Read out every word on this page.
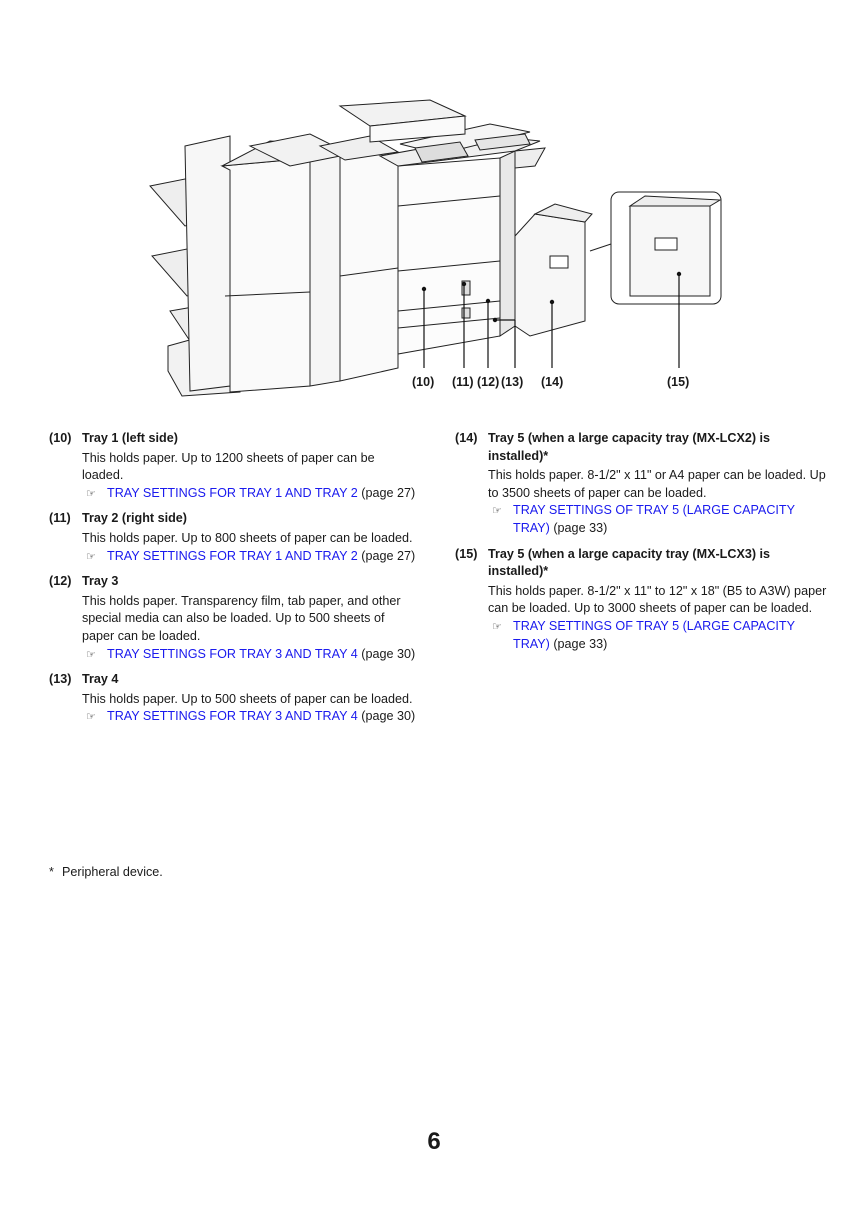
(10) (11) (12) (13) (14)	(15)
(10) Tray 1 (left side)
This holds paper. Up to 1200 sheets of paper can be loaded.
☞ TRAY SETTINGS FOR TRAY 1 AND TRAY 2 (page 27)
(11) Tray 2 (right side)
This holds paper. Up to 800 sheets of paper can be loaded.
☞ TRAY SETTINGS FOR TRAY 1 AND TRAY 2 (page 27)
(12) Tray 3
This holds paper. Transparency film, tab paper, and other special media can also be loaded. Up to 500 sheets of paper can be loaded.
☞ TRAY SETTINGS FOR TRAY 3 AND TRAY 4 (page 30)
(13) Tray 4
This holds paper. Up to 500 sheets of paper can be loaded.
☞ TRAY SETTINGS FOR TRAY 3 AND TRAY 4 (page 30)
(14) Tray 5 (when a large capacity tray (MX-LCX2) is installed)*
This holds paper. 8-1/2" x 11" or A4 paper can be loaded. Up to 3500 sheets of paper can be loaded.
☞ TRAY SETTINGS OF TRAY 5 (LARGE CAPACITY TRAY) (page 33)
(15) Tray 5 (when a large capacity tray (MX-LCX3) is installed)*
This holds paper. 8-1/2" x 11" to 12" x 18" (B5 to A3W) paper can be loaded. Up to 3000 sheets of paper can be loaded.
☞ TRAY SETTINGS OF TRAY 5 (LARGE CAPACITY TRAY) (page 33)
* Peripheral device.
6
